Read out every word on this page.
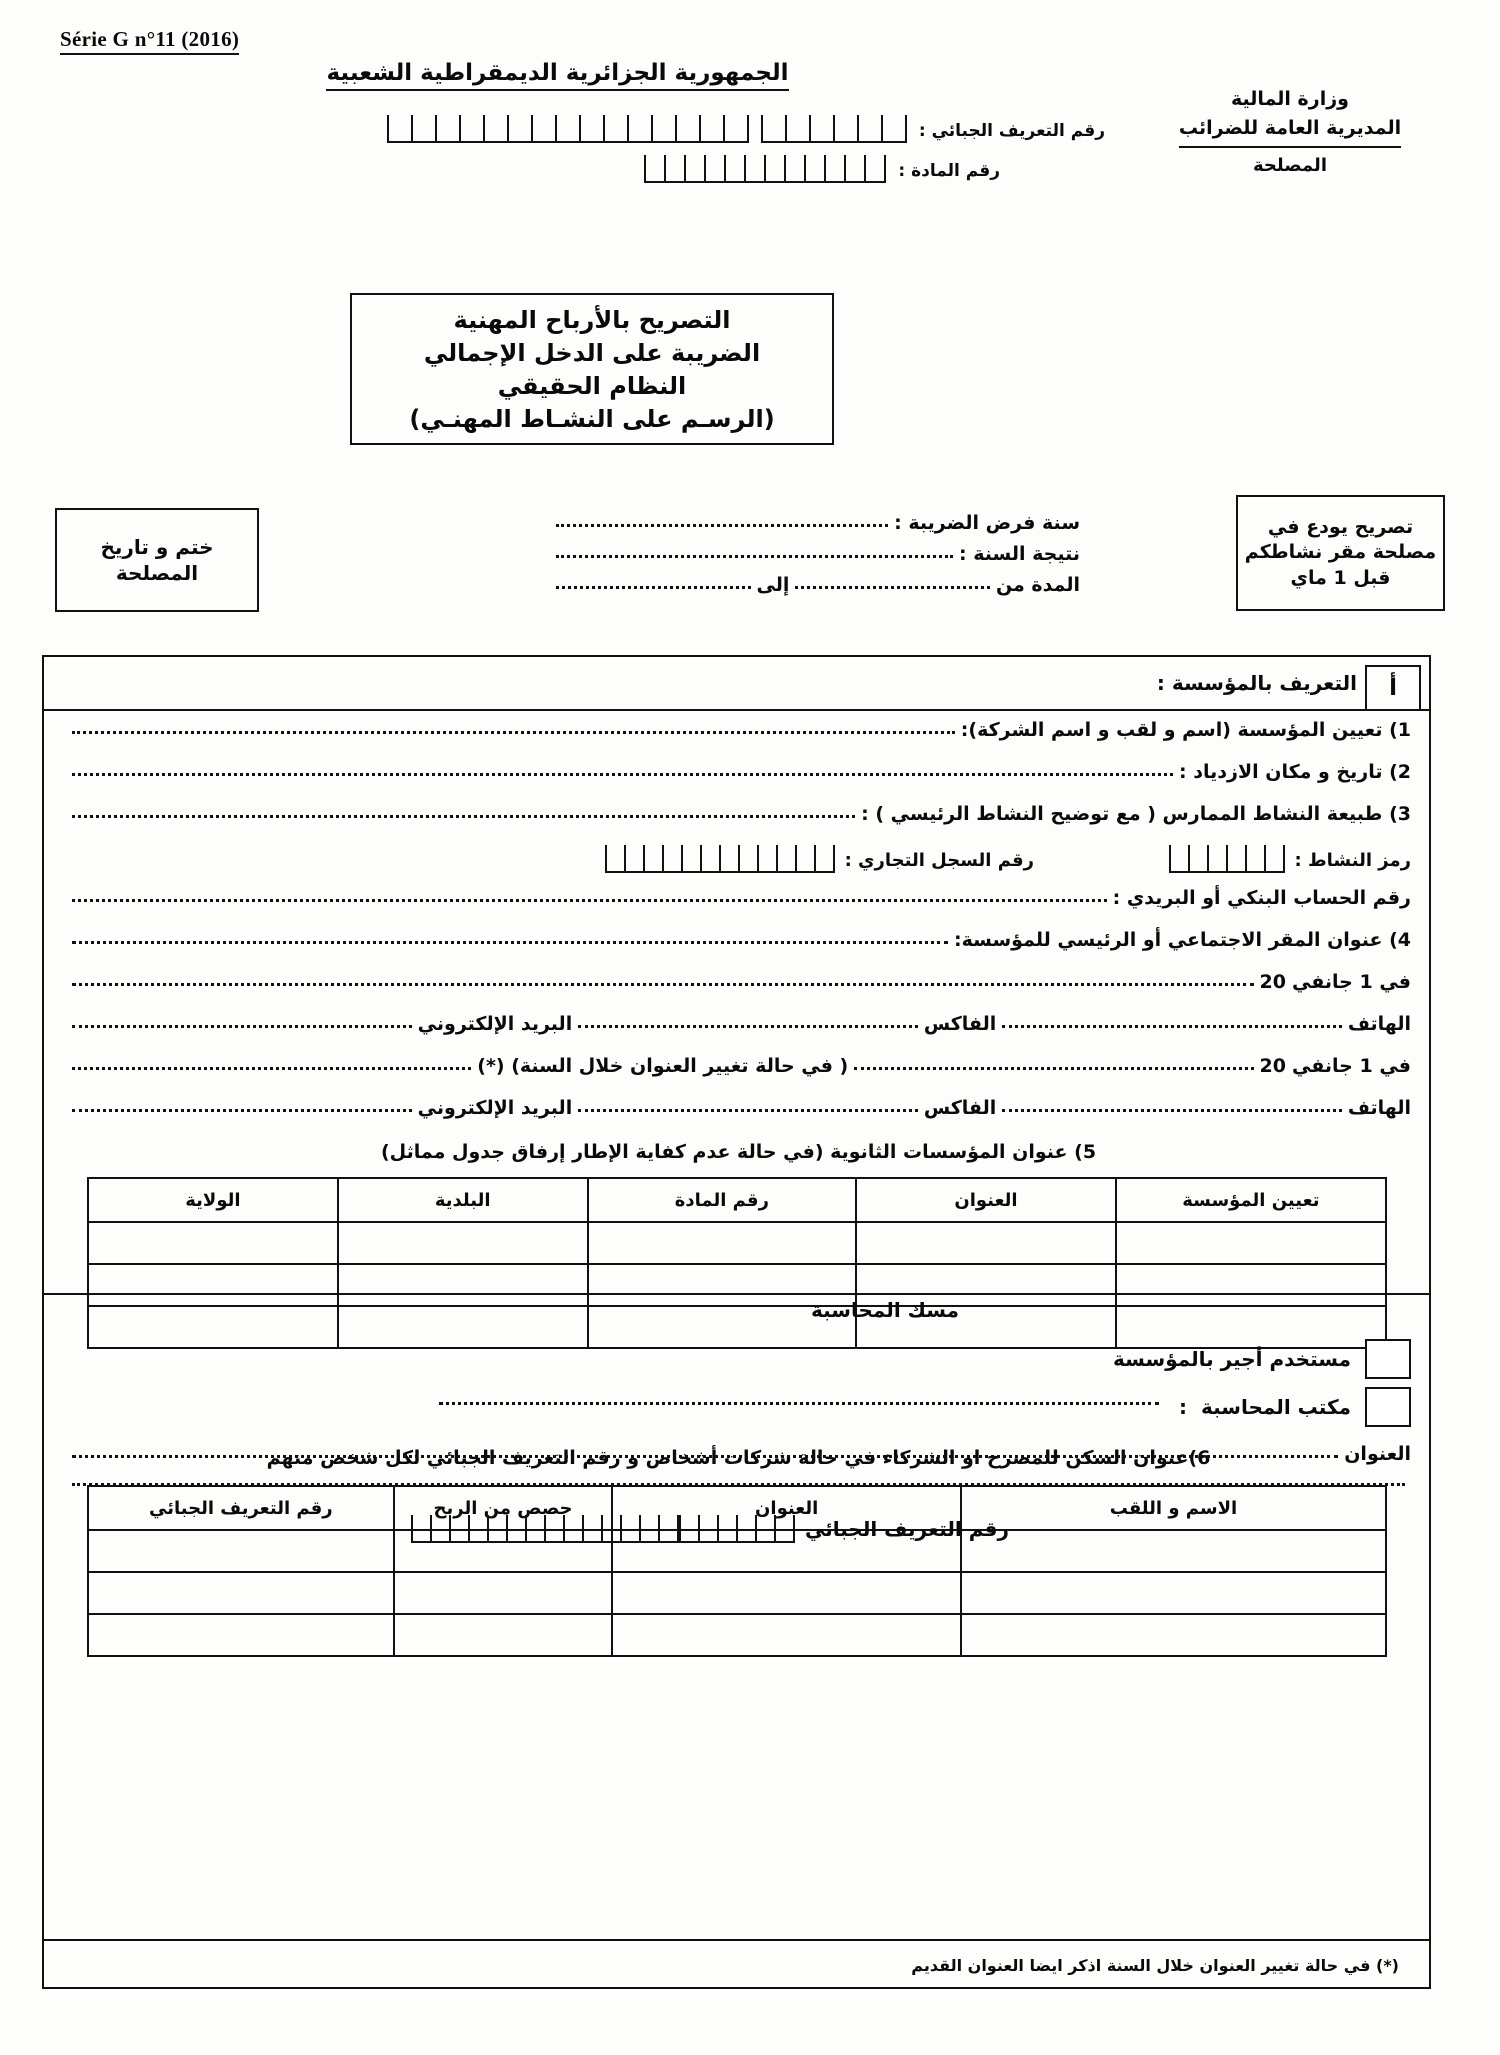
Série G n°11 (2016)
الجمهورية الجزائرية الديمقراطية الشعبية
وزارة المالية
المديرية العامة للضرائب
المصلحة
رقم التعريف الجبائي :
رقم المادة :
التصريح بالأرباح المهنية
الضريبة على الدخل الإجمالي
النظام الحقيقي
(الرسـم على النشـاط المهنـي)
ختم و تاريخ
المصلحة
تصريح يودع في
مصلحة مقر نشاطكم
قبل 1 ماي
سنة فرض الضريبة :
نتيجة السنة :
المدة من
إلى
أ
التعريف بالمؤسسة :
1) تعيين المؤسسة (اسم و لقب و اسم الشركة):
2) تاريخ و مكان الازدياد :
3) طبيعة النشاط الممارس ( مع توضيح النشاط الرئيسي ) :
رمز النشاط :
رقم السجل التجاري :
رقم الحساب البنكي أو البريدي :
4) عنوان المقر الاجتماعي أو الرئيسي للمؤسسة:
في 1 جانفي
20
الهاتف
الفاكس
البريد الإلكتروني
في 1 جانفي
20
( في حالة تغيير العنوان خلال السنة) (*)
الهاتف
الفاكس
البريد الإلكتروني
5) عنوان المؤسسات الثانوية (في حالة عدم كفاية الإطار إرفاق جدول مماثل)
تعيين المؤسسة	العنوان	رقم المادة	البلدية	الولاية

6)عنوان السكن للمصرح او الشركاء في حالة شركات أشخاص و رقم التعريف الجبائي لكل شخص منهم
الاسم و اللقب	العنوان	حصص من الربح	رقم التعريف الجبائي

مسك المحاسبة
مستخدم أجير بالمؤسسة
مكتب المحاسبة
:
العنوان
رقم التعريف الجبائي
(*) في حالة تغيير العنوان خلال السنة اذكر ايضا العنوان القديم
